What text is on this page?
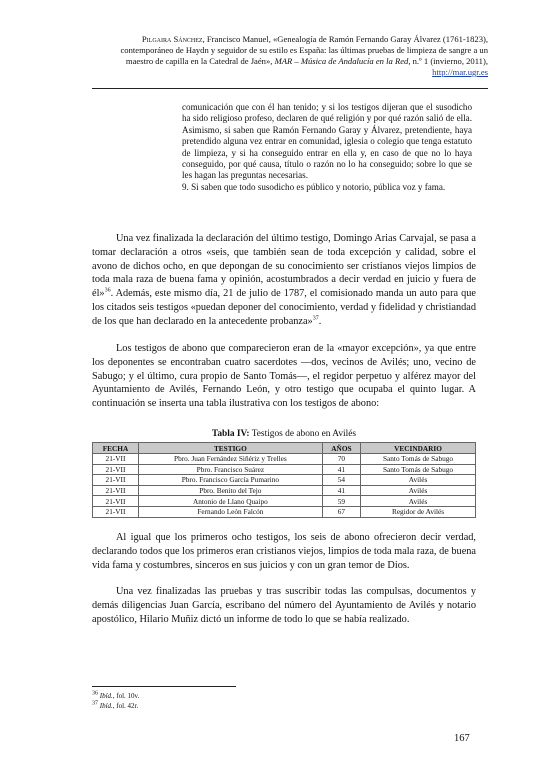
Pilgaira Sánchez, Francisco Manuel, «Genealogía de Ramón Fernando Garay Álvarez (1761-1823), contemporáneo de Haydn y seguidor de su estilo es España: las últimas pruebas de limpieza de sangre a un maestro de capilla en la Catedral de Jaén», MAR – Música de Andalucía en la Red, n.º 1 (invierno, 2011), http://mar.ugr.es

comunicación que con él han tenido; y si los testigos dijeran que el susodicho ha sido religioso profeso, declaren de qué religión y por qué razón salió de ella. Asimismo, si saben que Ramón Fernando Garay y Álvarez, pretendiente, haya pretendido alguna vez entrar en comunidad, iglesia o colegio que tenga estatuto de limpieza, y si ha conseguido entrar en ella y, en caso de que no lo haya conseguido, por qué causa, título o razón no lo ha conseguido; sobre lo que se les hagan las preguntas necesarias.

9. Si saben que todo susodicho es público y notorio, pública voz y fama.

Una vez finalizada la declaración del último testigo, Domingo Arias Carvajal, se pasa a tomar declaración a otros «seis, que también sean de toda excepción y calidad, sobre el avono de dichos ocho, en que depongan de su conocimiento ser cristianos viejos limpios de toda mala raza de buena fama y opinión, acostumbrados a decir verdad en juicio y fuera de él»$^{36}$. Además, este mismo día, 21 de julio de 1787, el comisionado manda un auto para que los citados seis testigos «puedan deponer del conocimiento, verdad y fidelidad y christiandad de los que han declarado en la antecedente probanza»$^{37}$.

Los testigos de abono que comparecieron eran de la «mayor excepción», ya que entre los deponentes se encontraban cuatro sacerdotes —dos, vecinos de Avilés; uno, vecino de Sabugo; y el último, cura propio de Santo Tomás—, el regidor perpetuo y alférez mayor del Ayuntamiento de Avilés, Fernando León, y otro testigo que ocupaba el quinto lugar. A continuación se inserta una tabla ilustrativa con los testigos de abono:

Tabla IV: Testigos de abono en Avilés
FECHA	TESTIGO	AÑOS	VECINDARIO
21-VII	Pbro. Juan Fernández Siñériz y Trelles	70	Santo Tomás de Sabugo
21-VII	Pbro. Francisco Suárez	41	Santo Tomás de Sabugo
21-VII	Pbro. Francisco García Pumarino	54	Avilés
21-VII	Pbro. Benito del Tejo	41	Avilés
21-VII	Antonio de Llano Quaipo	59	Avilés
21-VII	Fernando León Falcón	67	Regidor de Avilés

Al igual que los primeros ocho testigos, los seis de abono ofrecieron decir verdad, declarando todos que los primeros eran cristianos viejos, limpios de toda mala raza, de buena vida fama y costumbres, sinceros en sus juicios y con un gran temor de Dios.

Una vez finalizadas las pruebas y tras suscribir todas las compulsas, documentos y demás diligencias Juan García, escribano del número del Ayuntamiento de Avilés y notario apostólico, Hilario Muñiz dictó un informe de todo lo que se había realizado.

$^{36}$ Ibíd., fol. 10v.
$^{37}$ Ibíd., fol. 42r.
167
